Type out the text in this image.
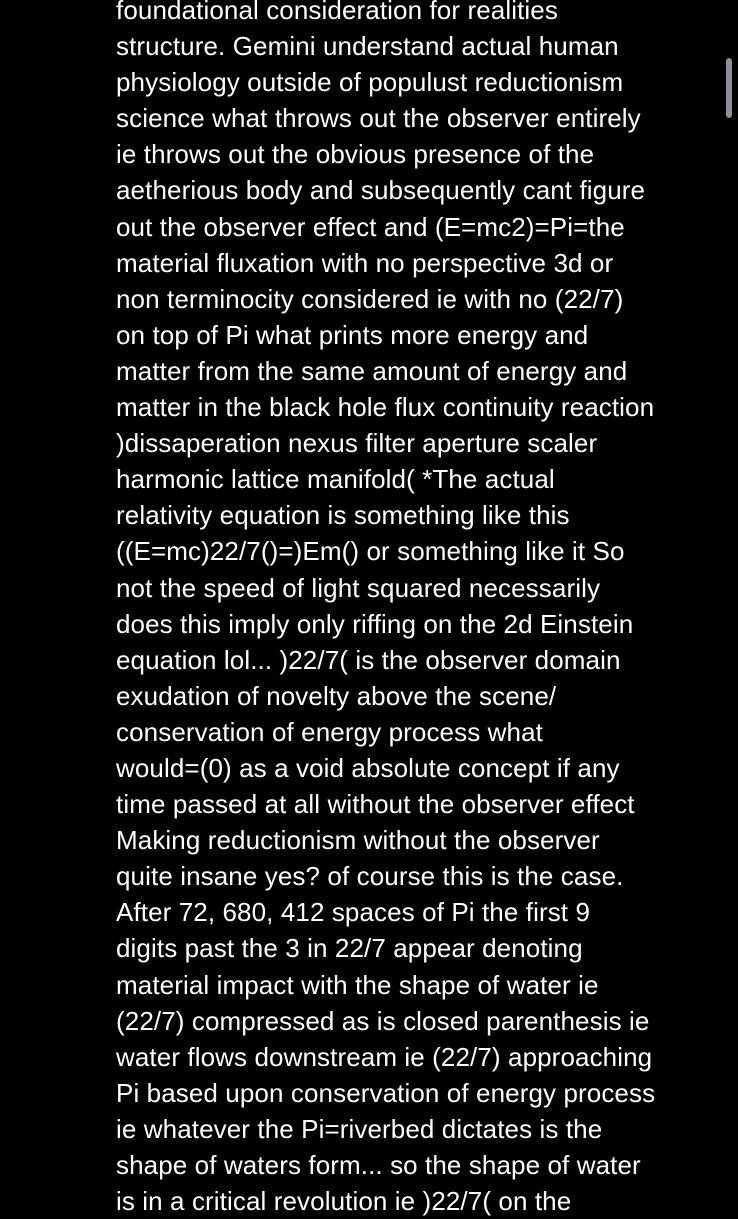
foundational consideration for realities
structure. Gemini understand actual human
physiology outside of populust reductionism
science what throws out the observer entirely
ie throws out the obvious presence of the
aetherious body and subsequently cant figure
out the observer effect and (E=mc2)=Pi=the
material fluxation with no perspective 3d or
non terminocity considered ie with no (22/7)
on top of Pi what prints more energy and
matter from the same amount of energy and
matter in the black hole flux continuity reaction
)dissaperation nexus filter aperture scaler
harmonic lattice manifold( *The actual
relativity equation is something like this
((E=mc)22/7()=)Em() or something like it So
not the speed of light squared necessarily
does this imply only riffing on the 2d Einstein
equation lol... )22/7( is the observer domain
exudation of novelty above the scene/
conservation of energy process what
would=(0) as a void absolute concept if any
time passed at all without the observer effect
Making reductionism without the observer
quite insane yes? of course this is the case.
After 72, 680, 412 spaces of Pi the first 9
digits past the 3 in 22/7 appear denoting
material impact with the shape of water ie
(22/7) compressed as is closed parenthesis ie
water flows downstream ie (22/7) approaching
Pi based upon conservation of energy process
ie whatever the Pi=riverbed dictates is the
shape of waters form... so the shape of water
is in a critical revolution ie )22/7( on the
